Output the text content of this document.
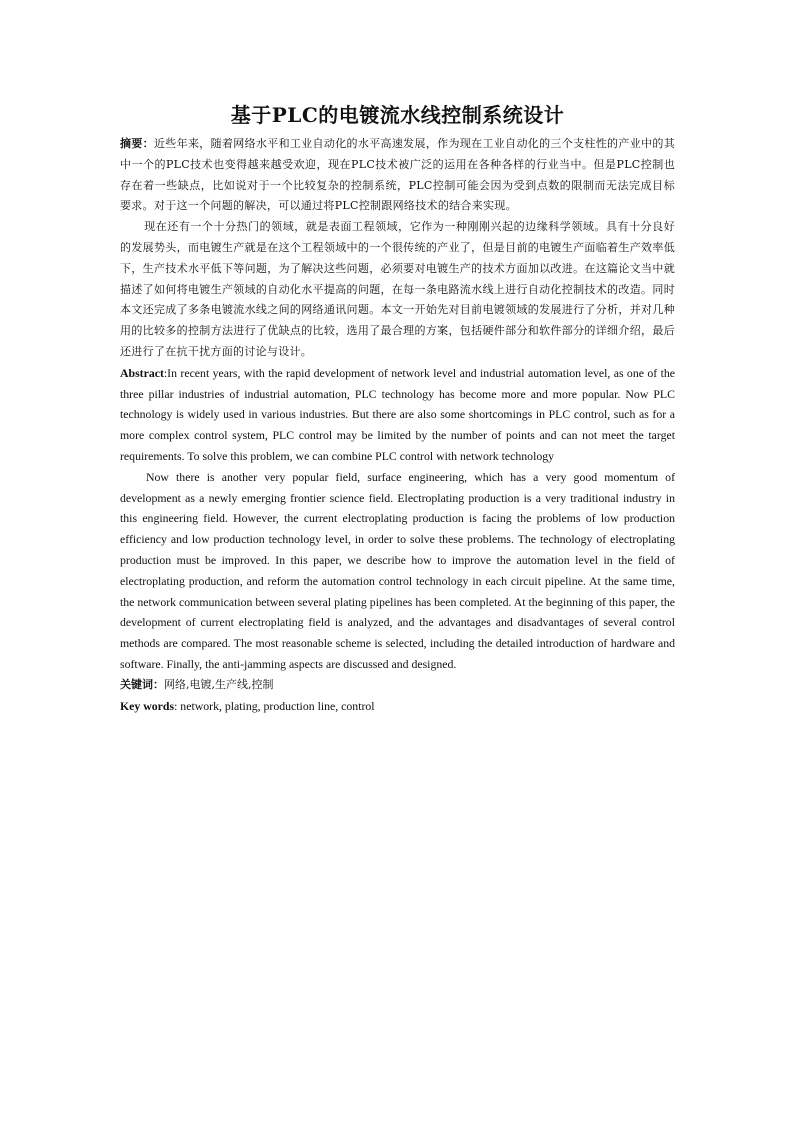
基于PLC的电镀流水线控制系统设计

摘要：近些年来，随着网络水平和工业自动化的水平高速发展，作为现在工业自动化的三个支柱性的产业中的其中一个的PLC技术也变得越来越受欢迎，现在PLC技术被广泛的运用在各种各样的行业当中。但是PLC控制也存在着一些缺点，比如说对于一个比较复杂的控制系统，PLC控制可能会因为受到点数的限制而无法完成目标要求。对于这一个问题的解决，可以通过将PLC控制跟网络技术的结合来实现。

现在还有一个十分热门的领域，就是表面工程领域，它作为一种刚刚兴起的边缘科学领域。具有十分良好的发展势头，而电镀生产就是在这个工程领域中的一个很传统的产业了，但是目前的电镀生产面临着生产效率低下，生产技术水平低下等问题，为了解决这些问题，必须要对电镀生产的技术方面加以改进。在这篇论文当中就描述了如何将电镀生产领域的自动化水平提高的问题，在每一条电路流水线上进行自动化控制技术的改造。同时本文还完成了多条电镀流水线之间的网络通讯问题。本文一开始先对目前电镀领域的发展进行了分析，并对几种用的比较多的控制方法进行了优缺点的比较，选用了最合理的方案，包括硬件部分和软件部分的详细介绍，最后还进行了在抗干扰方面的讨论与设计。

Abstract:In recent years, with the rapid development of network level and industrial automation level, as one of the three pillar industries of industrial automation, PLC technology has become more and more popular. Now PLC technology is widely used in various industries. But there are also some shortcomings in PLC control, such as for a more complex control system, PLC control may be limited by the number of points and can not meet the target requirements. To solve this problem, we can combine PLC control with network technology

Now there is another very popular field, surface engineering, which has a very good momentum of development as a newly emerging frontier science field. Electroplating production is a very traditional industry in this engineering field. However, the current electroplating production is facing the problems of low production efficiency and low production technology level, in order to solve these problems. The technology of electroplating production must be improved. In this paper, we describe how to improve the automation level in the field of electroplating production, and reform the automation control technology in each circuit pipeline. At the same time, the network communication between several plating pipelines has been completed. At the beginning of this paper, the development of current electroplating field is analyzed, and the advantages and disadvantages of several control methods are compared. The most reasonable scheme is selected, including the detailed introduction of hardware and software. Finally, the anti-jamming aspects are discussed and designed.

关键词：网络,电镀,生产线,控制

Key words: network, plating, production line, control
